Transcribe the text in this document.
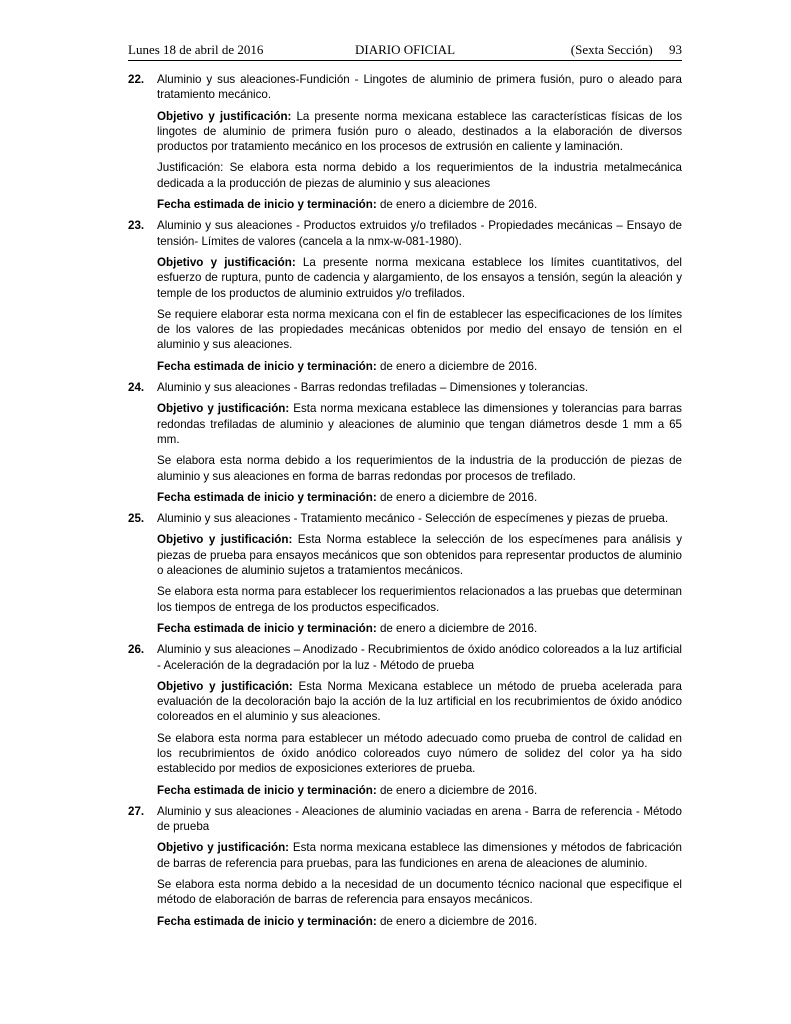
Lunes 18 de abril de 2016	DIARIO OFICIAL	(Sexta Sección) 93
22. Aluminio y sus aleaciones-Fundición - Lingotes de aluminio de primera fusión, puro o aleado para tratamiento mecánico.

Objetivo y justificación: La presente norma mexicana establece las características físicas de los lingotes de aluminio de primera fusión puro o aleado, destinados a la elaboración de diversos productos por tratamiento mecánico en los procesos de extrusión en caliente y laminación.

Justificación: Se elabora esta norma debido a los requerimientos de la industria metalmecánica dedicada a la producción de piezas de aluminio y sus aleaciones

Fecha estimada de inicio y terminación: de enero a diciembre de 2016.

23. Aluminio y sus aleaciones - Productos extruidos y/o trefilados - Propiedades mecánicas – Ensayo de tensión- Límites de valores (cancela a la nmx-w-081-1980).

Objetivo y justificación: La presente norma mexicana establece los límites cuantitativos, del esfuerzo de ruptura, punto de cadencia y alargamiento, de los ensayos a tensión, según la aleación y temple de los productos de aluminio extruidos y/o trefilados.

Se requiere elaborar esta norma mexicana con el fin de establecer las especificaciones de los límites de los valores de las propiedades mecánicas obtenidos por medio del ensayo de tensión en el aluminio y sus aleaciones.

Fecha estimada de inicio y terminación: de enero a diciembre de 2016.

24. Aluminio y sus aleaciones - Barras redondas trefiladas – Dimensiones y tolerancias.

Objetivo y justificación: Esta norma mexicana establece las dimensiones y tolerancias para barras redondas trefiladas de aluminio y aleaciones de aluminio que tengan diámetros desde 1 mm a 65 mm.

Se elabora esta norma debido a los requerimientos de la industria de la producción de piezas de aluminio y sus aleaciones en forma de barras redondas por procesos de trefilado.

Fecha estimada de inicio y terminación: de enero a diciembre de 2016.

25. Aluminio y sus aleaciones - Tratamiento mecánico - Selección de especímenes y piezas de prueba.

Objetivo y justificación: Esta Norma establece la selección de los especímenes para análisis y piezas de prueba para ensayos mecánicos que son obtenidos para representar productos de aluminio o aleaciones de aluminio sujetos a tratamientos mecánicos.

Se elabora esta norma para establecer los requerimientos relacionados a las pruebas que determinan los tiempos de entrega de los productos especificados.

Fecha estimada de inicio y terminación: de enero a diciembre de 2016.

26. Aluminio y sus aleaciones – Anodizado - Recubrimientos de óxido anódico coloreados a la luz artificial - Aceleración de la degradación por la luz - Método de prueba

Objetivo y justificación: Esta Norma Mexicana establece un método de prueba acelerada para evaluación de la decoloración bajo la acción de la luz artificial en los recubrimientos de óxido anódico coloreados en el aluminio y sus aleaciones.

Se elabora esta norma para establecer un método adecuado como prueba de control de calidad en los recubrimientos de óxido anódico coloreados cuyo número de solidez del color ya ha sido establecido por medios de exposiciones exteriores de prueba.

Fecha estimada de inicio y terminación: de enero a diciembre de 2016.

27. Aluminio y sus aleaciones - Aleaciones de aluminio vaciadas en arena - Barra de referencia - Método de prueba

Objetivo y justificación: Esta norma mexicana establece las dimensiones y métodos de fabricación de barras de referencia para pruebas, para las fundiciones en arena de aleaciones de aluminio.

Se elabora esta norma debido a la necesidad de un documento técnico nacional que especifique el método de elaboración de barras de referencia para ensayos mecánicos.

Fecha estimada de inicio y terminación: de enero a diciembre de 2016.
